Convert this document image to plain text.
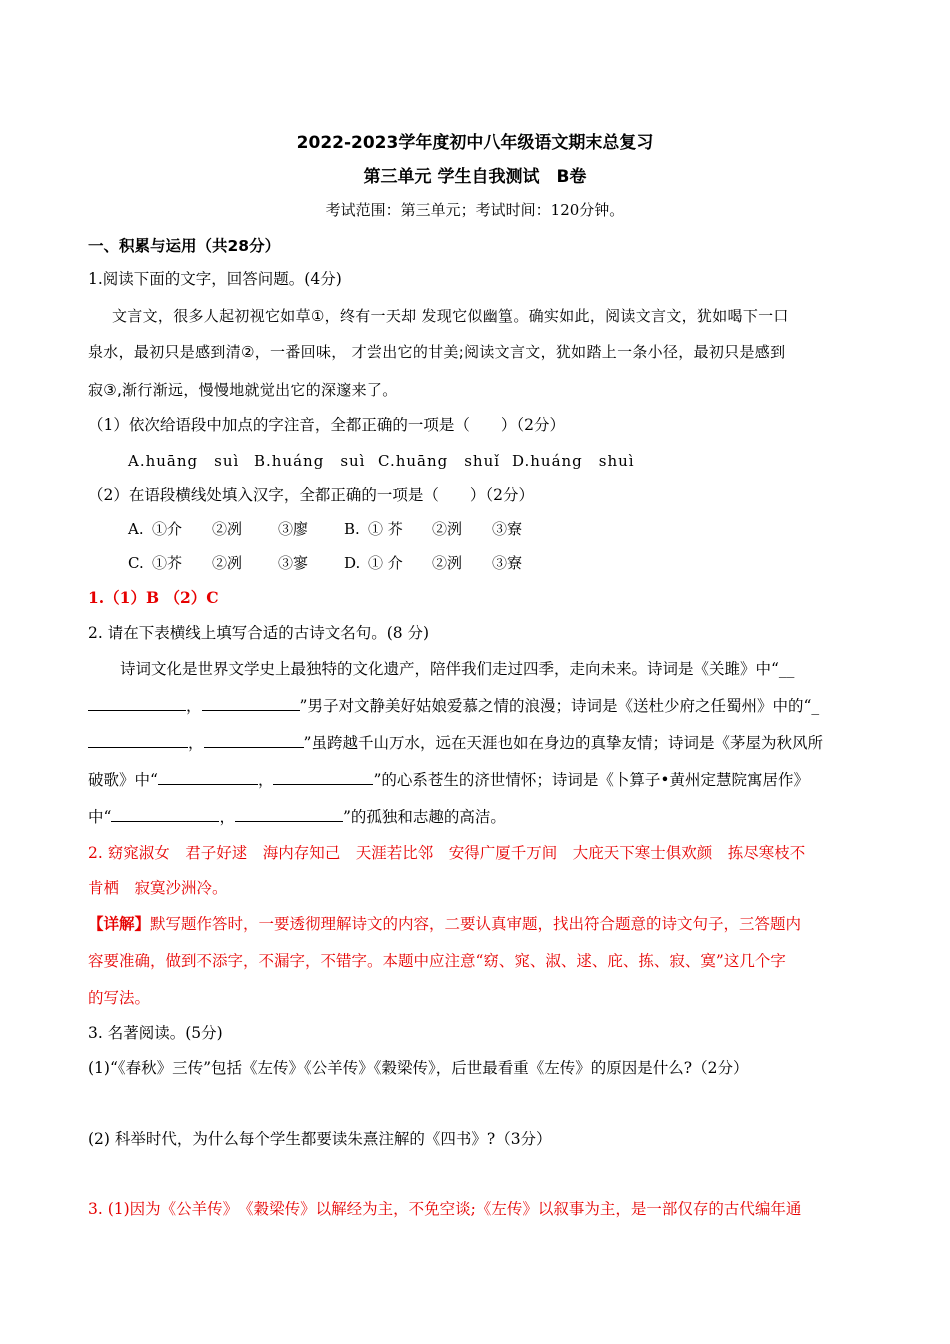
2022-2023学年度初中八年级语文期末总复习
第三单元 学生自我测试　B卷
考试范围：第三单元；考试时间：120分钟。
一、积累与运用（共28分）
1.阅读下面的文字，回答问题。(4分)
文言文，很多人起初视它如草①，终有一天却 发现它似幽篁。确实如此，阅读文言文，犹如喝下一口
泉水，最初只是感到清②，一番回味， 才尝出它的甘美;阅读文言文，犹如踏上一条小径，最初只是感到
寂③,渐行渐远，慢慢地就觉出它的深邃来了。
（1）依次给语段中加点的字注音，全都正确的一项是（　　）（2分）
A.huāng　suì B.huáng　suì C.huāng　shuǐ D.huáng　shuì
（2）在语段横线处填入汉字，全都正确的一项是（　　）（2分）
A. ①介 ②冽 ③廖 B. ① 芥 ②洌 ③寮
C. ①芥 ②冽 ③寥 D. ① 介 ②洌 ③寮
1.（1）B （2）C
2. 请在下表横线上填写合适的古诗文名句。(8 分)
诗词文化是世界文学史上最独特的文化遗产，陪伴我们走过四季，走向未来。诗词是《关雎》中“__
，	”男子对文静美好姑娘爱慕之情的浪漫；诗词是《送杜少府之任蜀州》中的“_
，	”虽跨越千山万水，远在天涯也如在身边的真挚友情；诗词是《茅屋为秋风所
破歌》中“	，	”的心系苍生的济世情怀；诗词是《卜算子•黄州定慧院寓居作》
中“	，	”的孤独和志趣的高洁。
2. 窈窕淑女　君子好逑　海内存知己　天涯若比邻　安得广厦千万间　大庇天下寒士俱欢颜　拣尽寒枝不
肯栖　寂寞沙洲冷。
【详解】默写题作答时，一要透彻理解诗文的内容，二要认真审题，找出符合题意的诗文句子，三答题内
容要准确，做到不添字，不漏字，不错字。本题中应注意“窈、窕、淑、逑、庇、拣、寂、寞”这几个字
的写法。
3. 名著阅读。(5分)
(1)“《春秋》三传”包括《左传》《公羊传》《穀梁传》，后世最看重《左传》的原因是什么?（2分）
(2) 科举时代，为什么每个学生都要读朱熹注解的《四书》?（3分）
3. (1)因为《公羊传》　《穀梁传》以解经为主，不免空谈;《左传》以叙事为主，是一部仅存的古代编年通
